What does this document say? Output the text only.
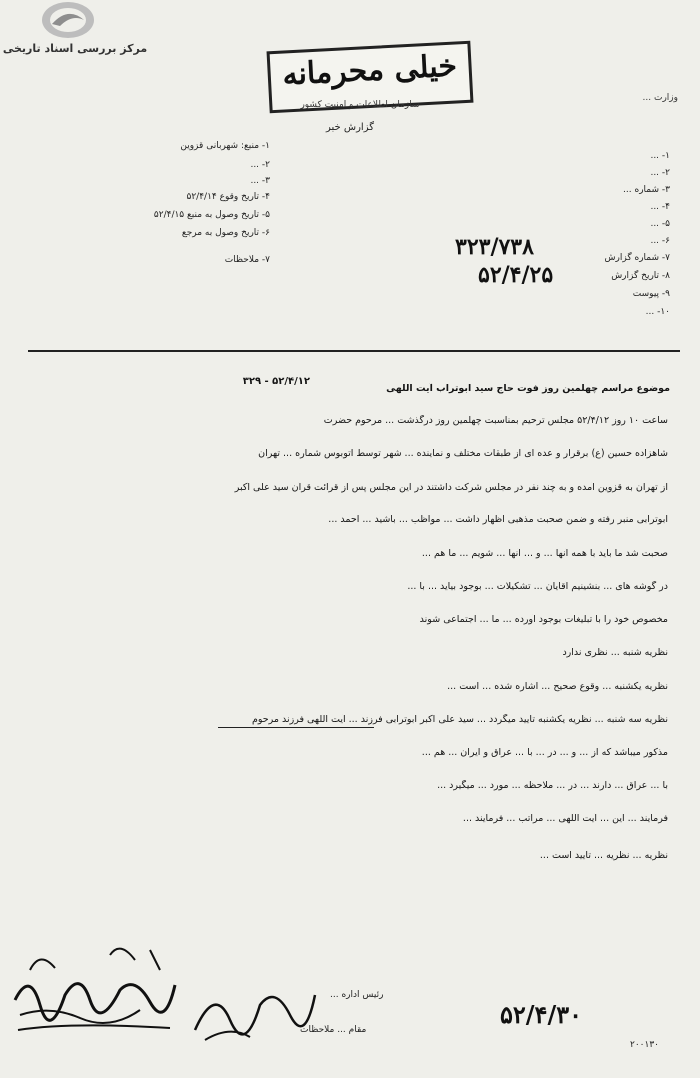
مرکز بررسی اسناد تاریخی	خیلی محرمانه
سازمان اطلاعات و امنیت کشور
گزارش خبر
وزارت ...
۱- ...
۲- ...
۳- شماره ...
۴- ...
۵- ...
۶- ...
۷- شماره گزارش
۸- تاریخ گزارش
۹- پیوست
۱۰- ...
۱- منبع: شهربانی قزوین
۲- ...
۳- ...
۴- تاریخ وقوع ۵۲/۴/۱۴
۵- تاریخ وصول به منبع ۵۲/۴/۱۵
۶- تاریخ وصول به مرجع
۷- ملاحظات	۳۲۳/۷۳۸
۵۲/۴/۲۵
موضوع مراسم چهلمین روز فوت حاج سید ابوتراب آیت اللهی
۵۲/۴/۱۲ - ۳۲۹
ساعت ۱۰ روز ۵۲/۴/۱۲ مجلس ترحیم بمناسبت چهلمین روز درگذشت ... مرحوم حضرت
شاهزاده حسین (ع) برقرار و عده ای از طبقات مختلف و نماینده ... شهر توسط اتوبوس شماره ... تهران
از تهران به قزوین آمده و به چند نفر در مجلس شرکت داشتند در این مجلس پس از قرائت قرآن سید علی اکبر
ابوترابی منبر رفته و ضمن صحبت مذهبی اظهار داشت ... مواظب ... باشید ... احمد ...
صحبت شد ما باید با همه آنها ... و ... آنها ... شویم ... ما هم ...
در گوشه های ... بنشینیم آقایان ... تشکیلات ... بوجود بیاید ... با ...
مخصوص خود را با تبلیغات بوجود آورده ... ما ... اجتماعی شوند
نظریه شنبه ... نظری ندارد
نظریه یکشنبه ... وقوع صحیح ... اشاره شده ... است ...
نظریه سه شنبه ... نظریه یکشنبه تایید میگردد ... سید علی اکبر ابوترابی فرزند ... آیت اللهی فرزند مرحوم
مذکور میباشد که از ... و ... در ... با ... عراق و ایران ... هم ...
با ... عراق ... دارند ... در ... ملاحظه ... مورد ... میگیرد ...
فرمایند ... این ... آیت اللهی ... مراتب ... فرمایند ...
نظریه ... نظریه ... تایید است ...
رئیس اداره ...
مقام ... ملاحظات
۵۲/۴/۳۰
۲۰۰۱۳۰
